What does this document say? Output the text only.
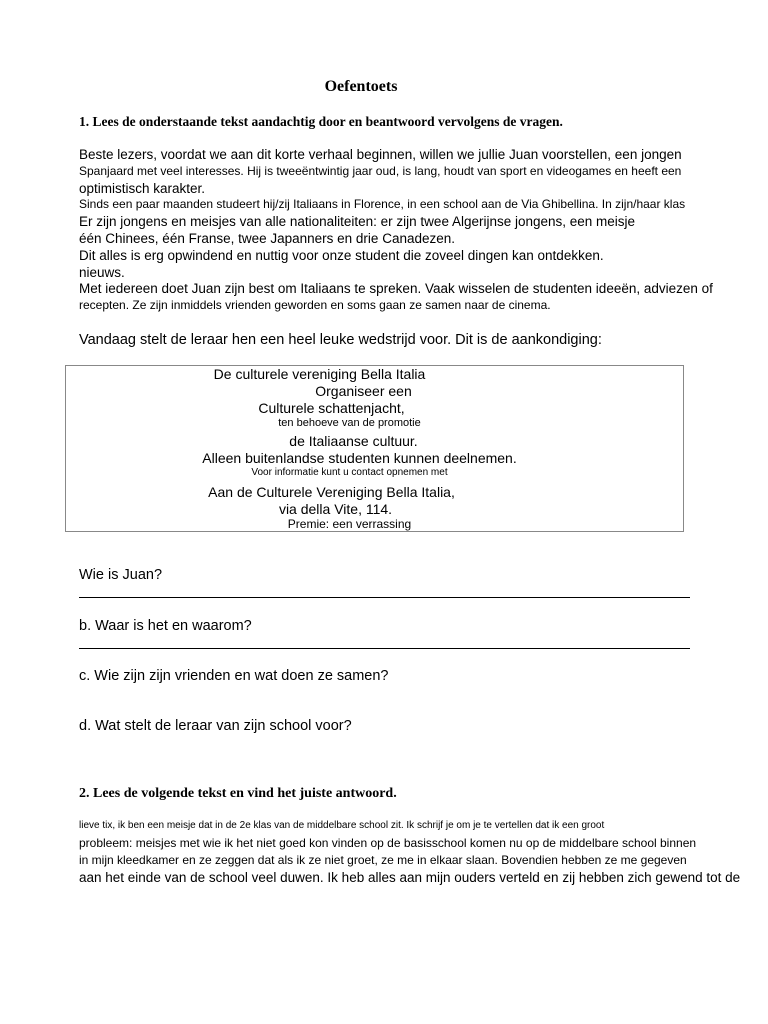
Oefentoets
1. Lees de onderstaande tekst aandachtig door en beantwoord vervolgens de vragen.
Beste lezers, voordat we aan dit korte verhaal beginnen, willen we jullie Juan voorstellen, een jongen
Spanjaard met veel interesses. Hij is tweeëntwintig jaar oud, is lang, houdt van sport en videogames en heeft een
optimistisch karakter.
Sinds een paar maanden studeert hij/zij Italiaans in Florence, in een school aan de Via Ghibellina. In zijn/haar klas
Er zijn jongens en meisjes van alle nationaliteiten: er zijn twee Algerijnse jongens, een meisje
één Chinees, één Franse, twee Japanners en drie Canadezen.
Dit alles is erg opwindend en nuttig voor onze student die zoveel dingen kan ontdekken.
nieuws.
Met iedereen doet Juan zijn best om Italiaans te spreken. Vaak wisselen de studenten ideeën, adviezen of
recepten. Ze zijn inmiddels vrienden geworden en soms gaan ze samen naar de cinema.
Vandaag stelt de leraar hen een heel leuke wedstrijd voor. Dit is de aankondiging:
De culturele vereniging Bella Italia
Organiseer een
Culturele schattenjacht,
ten behoeve van de promotie
de Italiaanse cultuur.
Alleen buitenlandse studenten kunnen deelnemen.
Voor informatie kunt u contact opnemen met
Aan de Culturele Vereniging Bella Italia,
via della Vite, 114.
Premie: een verrassing
Wie is Juan?
b. Waar is het en waarom?
c. Wie zijn zijn vrienden en wat doen ze samen?
d. Wat stelt de leraar van zijn school voor?
2. Lees de volgende tekst en vind het juiste antwoord.
lieve tix, ik ben een meisje dat in de 2e klas van de middelbare school zit. Ik schrijf je om je te vertellen dat ik een groot
probleem: meisjes met wie ik het niet goed kon vinden op de basisschool komen nu op de middelbare school binnen
in mijn kleedkamer en ze zeggen dat als ik ze niet groet, ze me in elkaar slaan. Bovendien hebben ze me gegeven
aan het einde van de school veel duwen. Ik heb alles aan mijn ouders verteld en zij hebben zich gewend tot de
